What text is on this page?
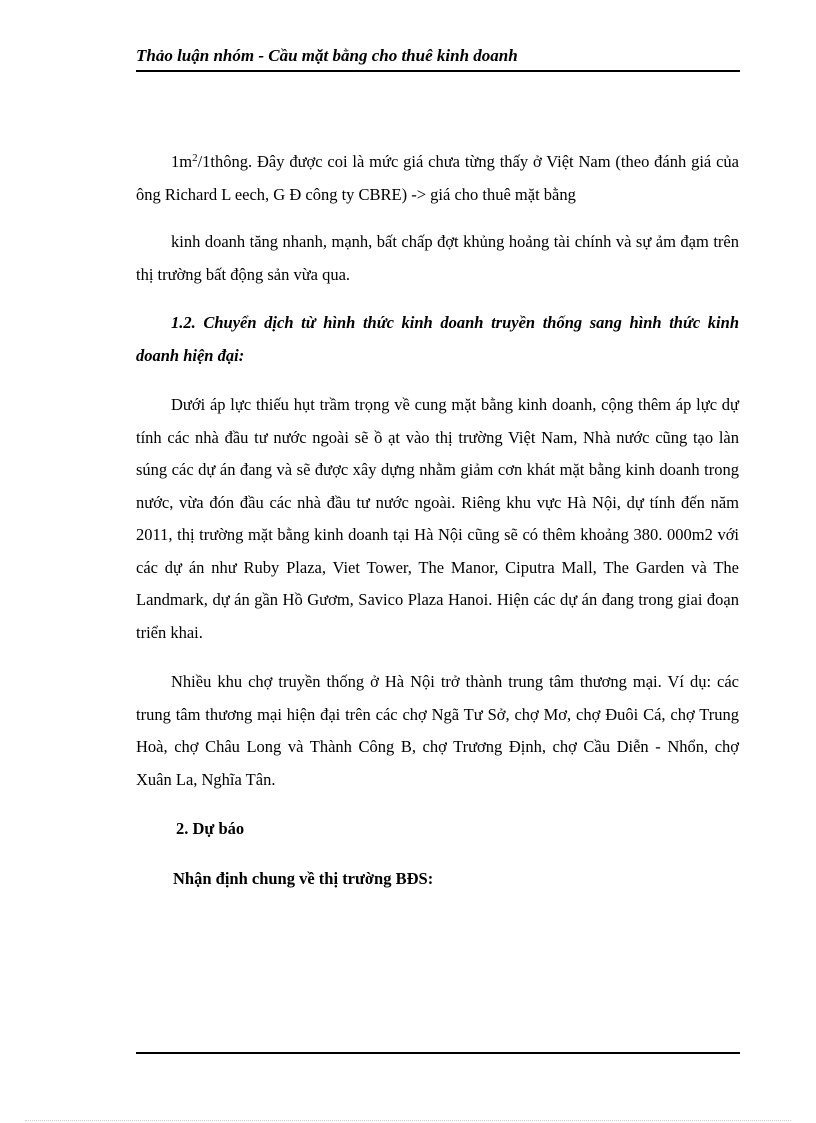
Thảo luận nhóm - Cầu mặt bằng cho thuê kinh doanh

$1m^2/1thông$. Đây được coi là mức giá chưa từng thấy ở Việt Nam (theo đánh giá của ông Richard L eech, G Đ công ty CBRE) -> giá cho thuê mặt bằng

kinh doanh tăng nhanh, mạnh, bất chấp đợt khủng hoảng tài chính và sự ảm đạm trên thị trường bất động sản vừa qua.

1.2. Chuyển dịch từ hình thức kinh doanh truyền thống sang hình thức kinh doanh hiện đại:

Dưới áp lực thiếu hụt trầm trọng về cung mặt bằng kinh doanh, cộng thêm áp lực dự tính các nhà đầu tư nước ngoài sẽ ồ ạt vào thị trường Việt Nam, Nhà nước cũng tạo làn súng các dự án đang và sẽ được xây dựng nhằm giảm cơn khát mặt bằng kinh doanh trong nước, vừa đón đầu các nhà đầu tư nước ngoài. Riêng khu vực Hà Nội, dự tính đến năm 2011, thị trường mặt bằng kinh doanh tại Hà Nội cũng sẽ có thêm khoảng 380. 000m2 với các dự án như Ruby Plaza, Viet Tower, The Manor, Ciputra Mall, The Garden và The Landmark, dự án gần Hồ Gươm, Savico Plaza Hanoi. Hiện các dự án đang trong giai đoạn triển khai.

Nhiều khu chợ truyền thống ở Hà Nội trở thành trung tâm thương mại. Ví dụ: các trung tâm thương mại hiện đại trên các chợ Ngã Tư Sở, chợ Mơ, chợ Đuôi Cá, chợ Trung Hoà, chợ Châu Long và Thành Công B, chợ Trương Định, chợ Cầu Diễn - Nhổn, chợ Xuân La, Nghĩa Tân.

2. Dự báo

Nhận định chung về thị trường BĐS:
